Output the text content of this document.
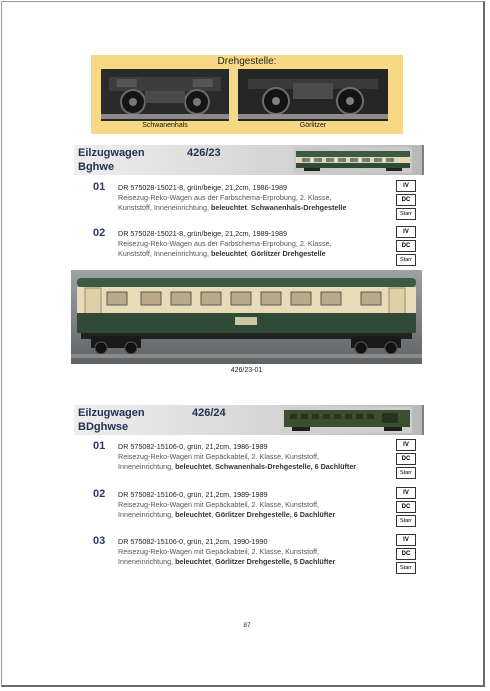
Drehgestelle:
Schwanenhals	Görlitzer
Eilzugwagen
Bghwe
426/23
01 DR 575028-15021-8, grün/beige, 21,2cm, 1986-1989
Reisezug-Reko-Wagen aus der Farbschema-Erprobung, 2. Klasse,
Kunststoff, Inneneinrichtung, beleuchtet, Schwanenhals-Drehgestelle
IV
DC
Starr
02 DR 575028-15021-8, grün/beige, 21,2cm, 1989-1989
Reisezug-Reko-Wagen aus der Farbschema-Erprobung, 2. Klasse,
Kunststoff, Inneneinrichtung, beleuchtet, Görlitzer Drehgestelle
IV
DC
Starr
426/23-01
Eilzugwagen
BDghwse
426/24
01 DR 575082-15106-0, grün, 21,2cm, 1986-1989
Reisezug-Reko-Wagen mit Gepäckabteil, 2. Klasse, Kunststoff,
Inneneinrichtung, beleuchtet, Schwanenhals-Drehgestelle, 6 Dachlüfter
IV
DC
Starr
02 DR 575082-15106-0, grün, 21,2cm, 1989-1989
Reisezug-Reko-Wagen mit Gepäckabteil, 2. Klasse, Kunststoff,
Inneneinrichtung, beleuchtet, Görlitzer Drehgestelle, 6 Dachlüfter
IV
DC
Starr
03 DR 575082-15106-0, grün, 21,2cm, 1990-1990
Reisezug-Reko-Wagen mit Gepäckabteil, 2. Klasse, Kunststoff,
Inneneinrichtung, beleuchtet, Görlitzer Drehgestelle, 5 Dachlüfter
IV
DC
Starr
87
